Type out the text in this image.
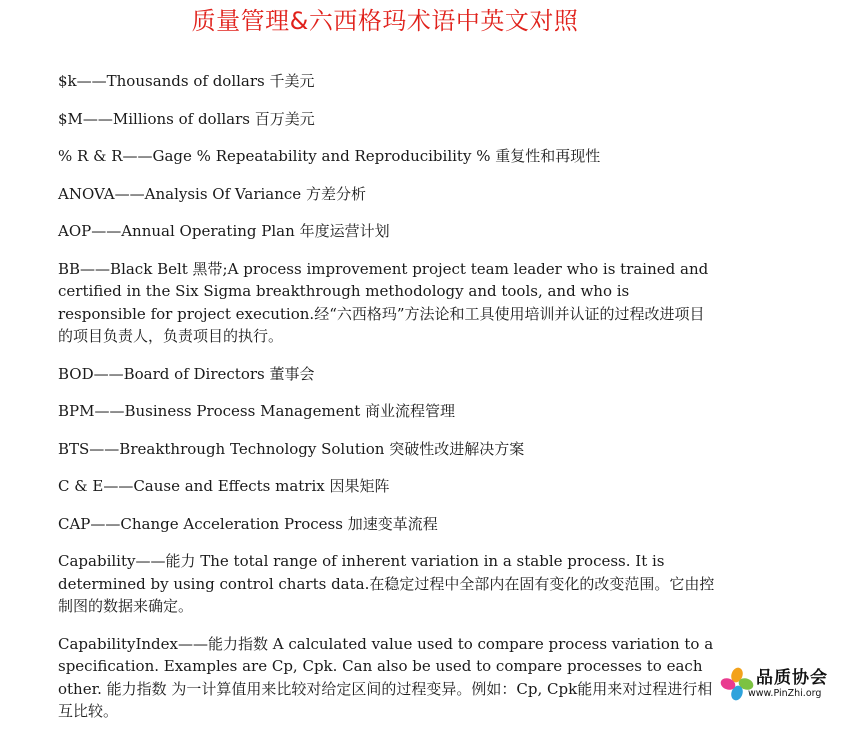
质量管理&六西格玛术语中英文对照

$k——Thousands of dollars 千美元

$M——Millions of dollars 百万美元

% R & R——Gage % Repeatability and Reproducibility % 重复性和再现性

ANOVA——Analysis Of Variance 方差分析

AOP——Annual Operating Plan 年度运营计划

BB——Black Belt 黑带;A process improvement project team leader who is trained and certified in the Six Sigma breakthrough methodology and tools, and who is responsible for project execution.经“六西格玛”方法论和工具使用培训并认证的过程改进项目的项目负责人，负责项目的执行。

BOD——Board of Directors 董事会

BPM——Business Process Management 商业流程管理

BTS——Breakthrough Technology Solution 突破性改进解决方案

C & E——Cause and Effects matrix 因果矩阵

CAP——Change Acceleration Process 加速变革流程

Capability——能力 The total range of inherent variation in a stable process. It is determined by using control charts data.在稳定过程中全部内在固有变化的改变范围。它由控制图的数据来确定。

CapabilityIndex——能力指数 A calculated value used to compare process variation to a specification. Examples are Cp, Cpk. Can also be used to compare processes to each other. 能力指数 为一计算值用来比较对给定区间的过程变异。例如：Cp, Cpk能用来对过程进行相互比较。

品质协会
www.PinZhi.org
